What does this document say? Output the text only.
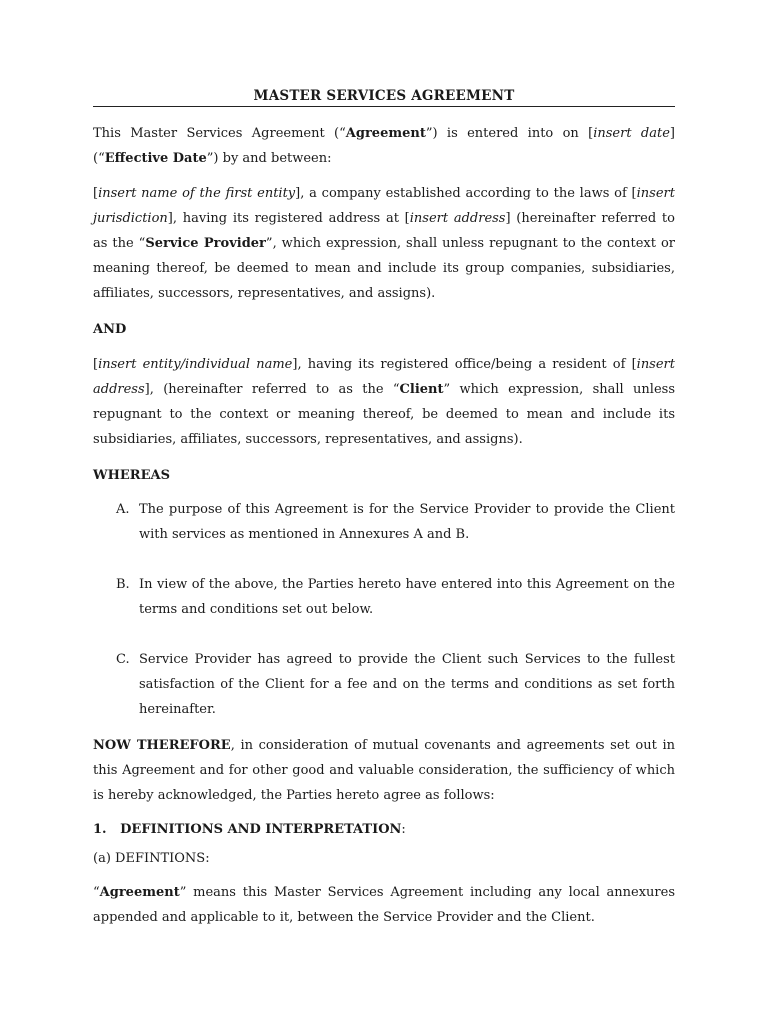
MASTER SERVICES AGREEMENT
This Master Services Agreement (“Agreement”) is entered into on [insert date] (“Effective Date”) by and between:
[insert name of the first entity], a company established according to the laws of [insert jurisdiction], having its registered address at [insert address] (hereinafter referred to as the “Service Provider”, which expression, shall unless repugnant to the context or meaning thereof, be deemed to mean and include its group companies, subsidiaries, affiliates, successors, representatives, and assigns).
AND
[insert entity/individual name], having its registered office/being a resident of [insert address], (hereinafter referred to as the “Client” which expression, shall unless repugnant to the context or meaning thereof, be deemed to mean and include its subsidiaries, affiliates, successors, representatives, and assigns).
WHEREAS
A. The purpose of this Agreement is for the Service Provider to provide the Client with services as mentioned in Annexures A and B.
B. In view of the above, the Parties hereto have entered into this Agreement on the terms and conditions set out below.
C. Service Provider has agreed to provide the Client such Services to the fullest satisfaction of the Client for a fee and on the terms and conditions as set forth hereinafter.
NOW THEREFORE, in consideration of mutual covenants and agreements set out in this Agreement and for other good and valuable consideration, the sufficiency of which is hereby acknowledged, the Parties hereto agree as follows:
1. DEFINITIONS AND INTERPRETATION:
(a) DEFINTIONS:
“Agreement” means this Master Services Agreement including any local annexures appended and applicable to it, between the Service Provider and the Client.
